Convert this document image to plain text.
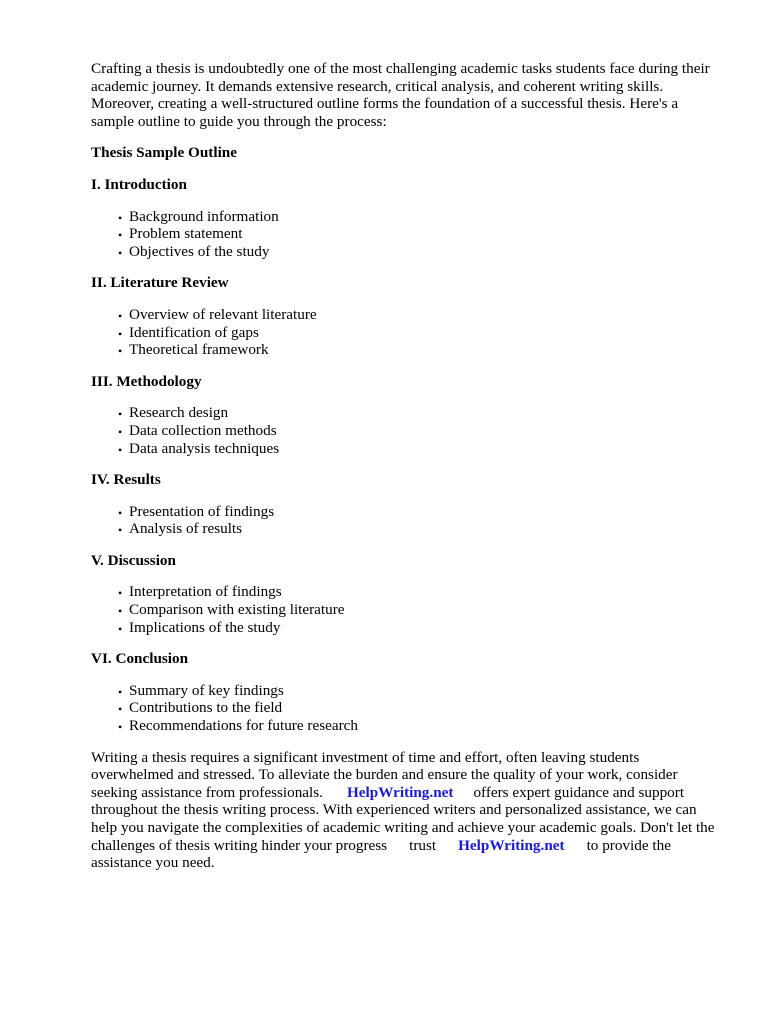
Crafting a thesis is undoubtedly one of the most challenging academic tasks students face during their academic journey. It demands extensive research, critical analysis, and coherent writing skills. Moreover, creating a well-structured outline forms the foundation of a successful thesis. Here's a sample outline to guide you through the process:

Thesis Sample Outline
I. Introduction
• Background information
• Problem statement
• Objectives of the study
II. Literature Review
• Overview of relevant literature
• Identification of gaps
• Theoretical framework
III. Methodology
• Research design
• Data collection methods
• Data analysis techniques
IV. Results
• Presentation of findings
• Analysis of results
V. Discussion
• Interpretation of findings
• Comparison with existing literature
• Implications of the study
VI. Conclusion
• Summary of key findings
• Contributions to the field
• Recommendations for future research

Writing a thesis requires a significant investment of time and effort, often leaving students overwhelmed and stressed. To alleviate the burden and ensure the quality of your work, consider seeking assistance from professionals. HelpWriting.net offers expert guidance and support throughout the thesis writing process. With experienced writers and personalized assistance, we can help you navigate the complexities of academic writing and achieve your academic goals. Don't let the challenges of thesis writing hinder your progress trust HelpWriting.net to provide the assistance you need.
